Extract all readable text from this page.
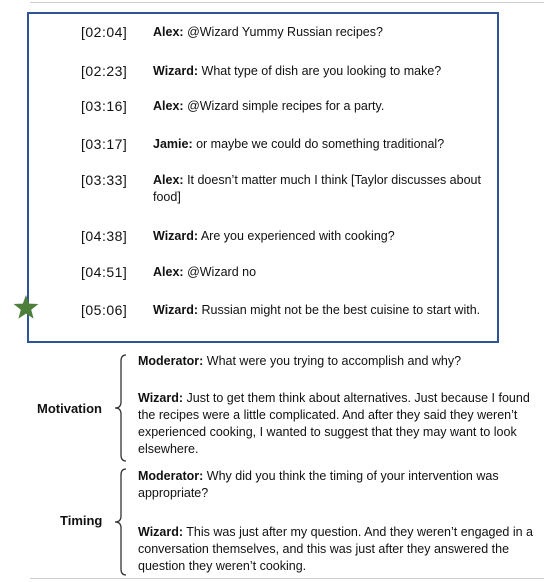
[02:04]	Alex: @Wizard Yummy Russian recipes?
[02:23]	Wizard: What type of dish are you looking to make?
[03:16]	Alex: @Wizard simple recipes for a party.
[03:17]	Jamie: or maybe we could do something traditional?
[03:33]	Alex: It doesn’t matter much I think [Taylor discusses about food]
[04:38]	Wizard: Are you experienced with cooking?
[04:51]	Alex: @Wizard no
[05:06]	Wizard: Russian might not be the best cuisine to start with.
Motivation
Moderator: What were you trying to accomplish and why?
Wizard: Just to get them think about alternatives. Just because I found the recipes were a little complicated. And after they said they weren’t experienced cooking, I wanted to suggest that they may want to look elsewhere.
Timing
Moderator: Why did you think the timing of your intervention was appropriate?
Wizard: This was just after my question. And they weren’t engaged in a conversation themselves, and this was just after they answered the question they weren’t cooking.
